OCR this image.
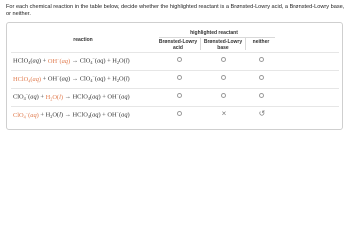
For each chemical reaction in the table below, decide whether the highlighted reactant is a Brønsted-Lowry acid, a Brønsted-Lowry base, or neither.
reaction
highlighted reactant
Brønsted-Lowry
acid
Brønsted-Lowry
base
neither
HClO$_4$(aq) + $OH^-(aq) \to ClO_4^-(aq) + H_2O(l)$
HClO$_4$(aq) + $OH^-(aq) \to ClO_4^-(aq) + H_2O(l)$
$ClO_4^-(aq) + H_2O(l)$ → HClO$_4$(aq) + OH−(aq)
$ClO_4^-(aq) + H_2O(l)$ → HClO$_4$(aq) + OH−(aq)	×	↺
